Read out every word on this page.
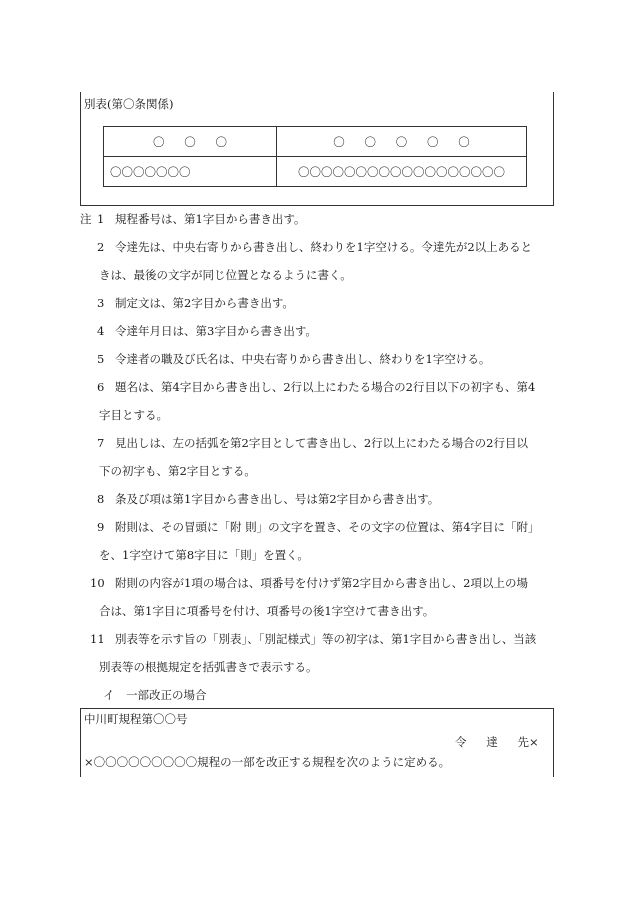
別表(第〇条関係)
〇 〇 〇	〇 〇 〇 〇 〇
〇〇〇〇〇〇〇	〇〇〇〇〇〇〇〇〇〇〇〇〇〇〇〇〇〇
注 1 規程番号は、第1字目から書き出す。
2 令達先は、中央右寄りから書き出し、終わりを1字空ける。令達先が2以上あると
きは、最後の文字が同じ位置となるように書く。
3 制定文は、第2字目から書き出す。
4 令達年月日は、第3字目から書き出す。
5 令達者の職及び氏名は、中央右寄りから書き出し、終わりを1字空ける。
6 題名は、第4字目から書き出し、2行以上にわたる場合の2行目以下の初字も、第4
字目とする。
7 見出しは、左の括弧を第2字目として書き出し、2行以上にわたる場合の2行目以
下の初字も、第2字目とする。
8 条及び項は第1字目から書き出し、号は第2字目から書き出す。
9 附則は、その冒頭に「附 則」の文字を置き、その文字の位置は、第4字目に「附」
を、1字空けて第8字目に「則」を置く。
10 附則の内容が1項の場合は、項番号を付けず第2字目から書き出し、2項以上の場
合は、第1字目に項番号を付け、項番号の後1字空けて書き出す。
11 別表等を示す旨の「別表」、「別記様式」等の初字は、第1字目から書き出し、当該
別表等の根拠規定を括弧書きで表示する。
イ 一部改正の場合
中川町規程第〇〇号
令 達 先×
×〇〇〇〇〇〇〇〇〇規程の一部を改正する規程を次のように定める。
